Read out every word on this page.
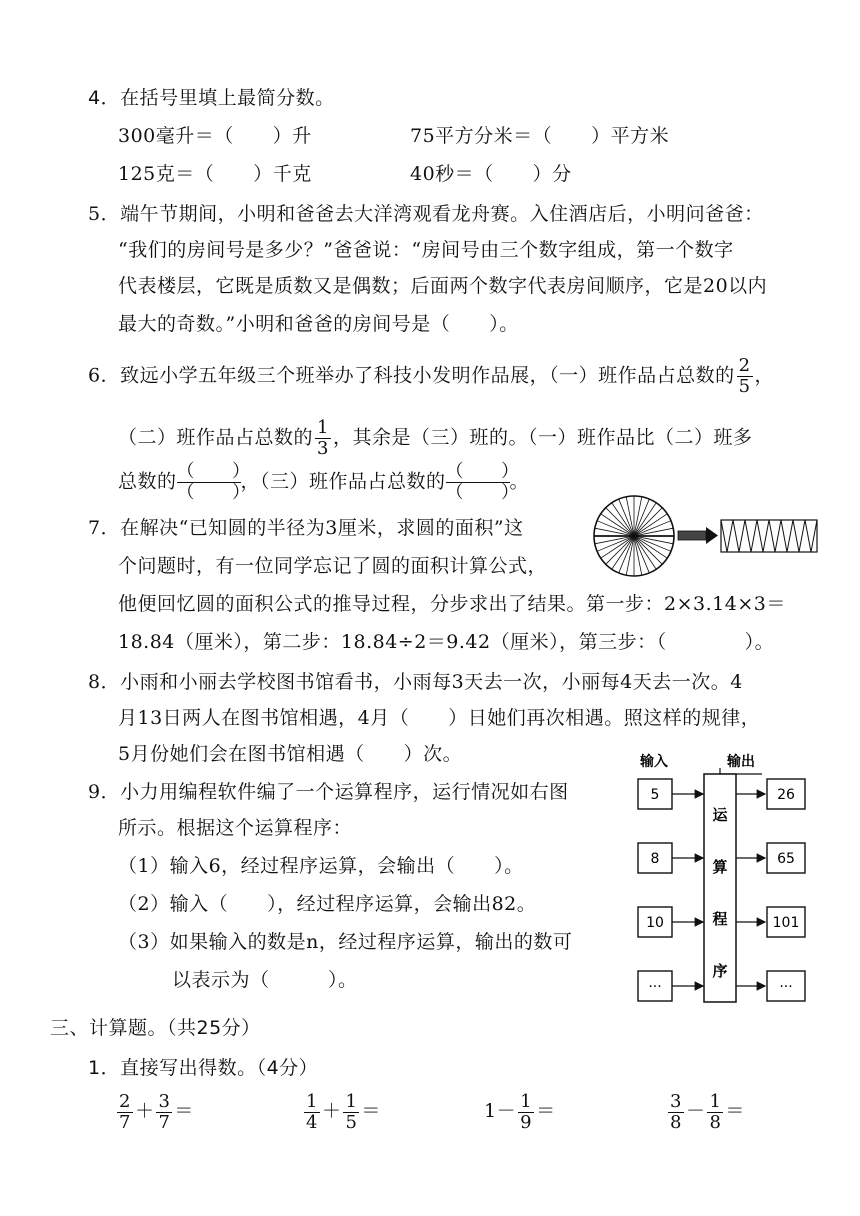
4．在括号里填上最简分数。
300毫升＝（　　）升	75平方分米＝（　　）平方米
125克＝（　　）千克	40秒＝（　　）分
5．端午节期间，小明和爸爸去大洋湾观看龙舟赛。入住酒店后，小明问爸爸：
“我们的房间号是多少？”爸爸说：“房间号由三个数字组成，第一个数字
代表楼层，它既是质数又是偶数；后面两个数字代表房间顺序，它是20以内
最大的奇数。”小明和爸爸的房间号是（　　）。
6．致远小学五年级三个班举办了科技小发明作品展，（一）班作品占总数的 $\frac{2}{5}$ ，
（二）班作品占总数的 $\frac{1}{3}$ ，其余是（三）班的。（一）班作品比（二）班多
总数的 （　　）
（　　）
，（三）班作品占总数的 （　　）
（　　）
。
7．在解决“已知圆的半径为3厘米，求圆的面积”这
个问题时，有一位同学忘记了圆的面积计算公式，
他便回忆圆的面积公式的推导过程，分步求出了结果。第一步：2×3.14×3＝
18.84（厘米），第二步：18.84÷2＝9.42（厘米），第三步：（　　　　）。
8．小雨和小丽去学校图书馆看书，小雨每3天去一次，小丽每4天去一次。4
月13日两人在图书馆相遇，4月（　　）日她们再次相遇。照这样的规律，
5月份她们会在图书馆相遇（　　）次。
9．小力用编程软件编了一个运算程序，运行情况如右图
所示。根据这个运算程序：
（1）输入6，经过程序运算，会输出（　　）。
（2）输入（　　），经过程序运算，会输出82。
（3）如果输入的数是n，经过程序运算，输出的数可
以表示为（　　　）。
输入	输出
运
算
程
序
5	26
8	65
10	101
···	···
三、计算题。（共25分）
1．直接写出得数。（4分）
$\frac{2}{7} + \frac{3}{7}$ ＝	$\frac{1}{4} + \frac{1}{5}$ ＝	$1- \frac{1}{9}$ ＝	$\frac{3}{8} - \frac{1}{8}$ ＝
